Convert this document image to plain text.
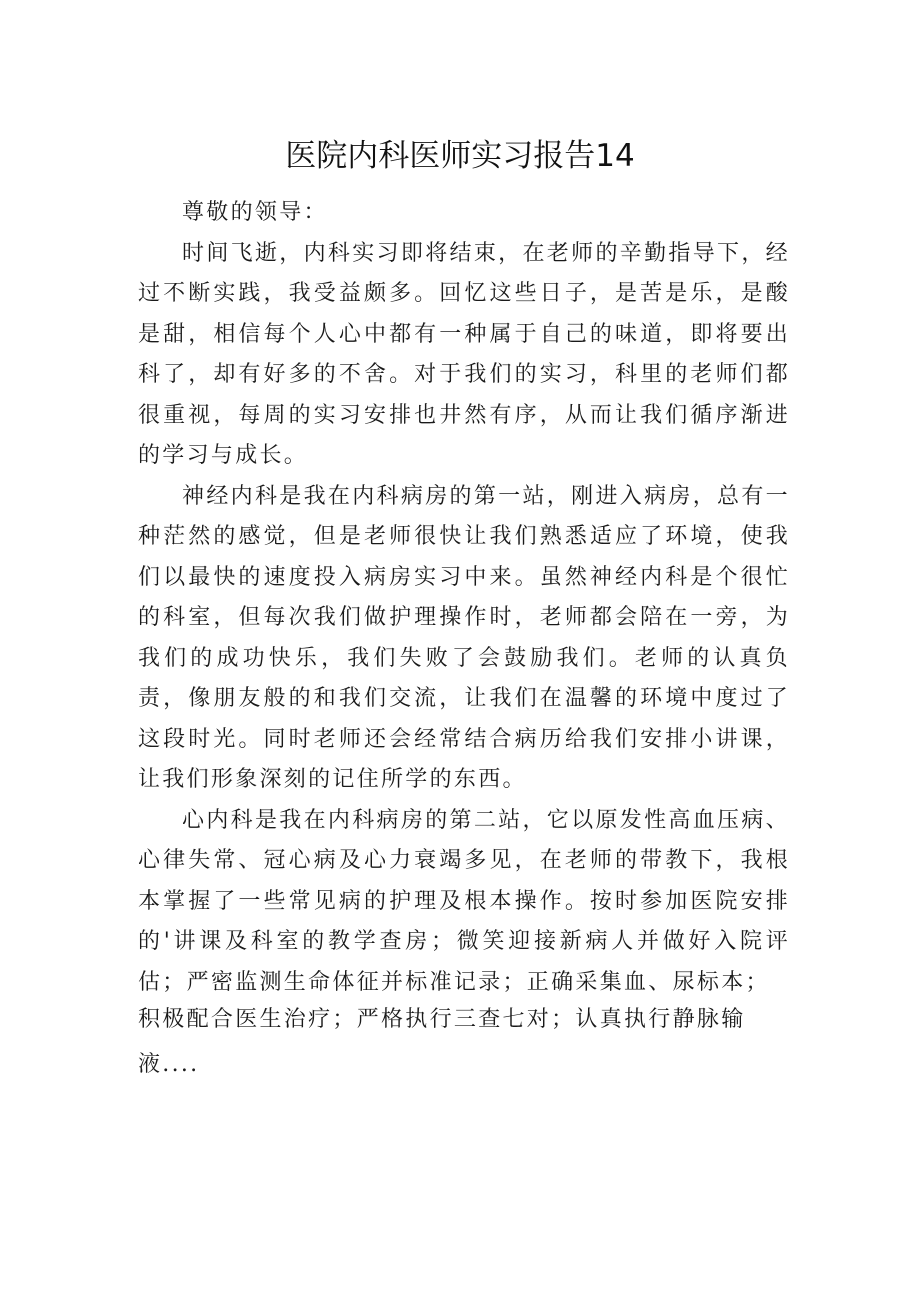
医院内科医师实习报告14

尊敬的领导：

时间飞逝，内科实习即将结束，在老师的辛勤指导下，经过不断实践，我受益颇多。回忆这些日子，是苦是乐，是酸是甜，相信每个人心中都有一种属于自己的味道，即将要出科了，却有好多的不舍。对于我们的实习，科里的老师们都很重视，每周的实习安排也井然有序，从而让我们循序渐进的学习与成长。

神经内科是我在内科病房的第一站，刚进入病房，总有一种茫然的感觉，但是老师很快让我们熟悉适应了环境，使我们以最快的速度投入病房实习中来。虽然神经内科是个很忙的科室，但每次我们做护理操作时，老师都会陪在一旁，为我们的成功快乐，我们失败了会鼓励我们。老师的认真负责，像朋友般的和我们交流，让我们在温馨的环境中度过了这段时光。同时老师还会经常结合病历给我们安排小讲课，让我们形象深刻的记住所学的东西。

心内科是我在内科病房的第二站，它以原发性高血压病、心律失常、冠心病及心力衰竭多见，在老师的带教下，我根本掌握了一些常见病的护理及根本操作。按时参加医院安排的'讲课及科室的教学查房；微笑迎接新病人并做好入院评估；严密监测生命体征并标准记录；正确采集血、尿标本；

积极配合医生治疗；严格执行三查七对；认真执行静脉输

液....
